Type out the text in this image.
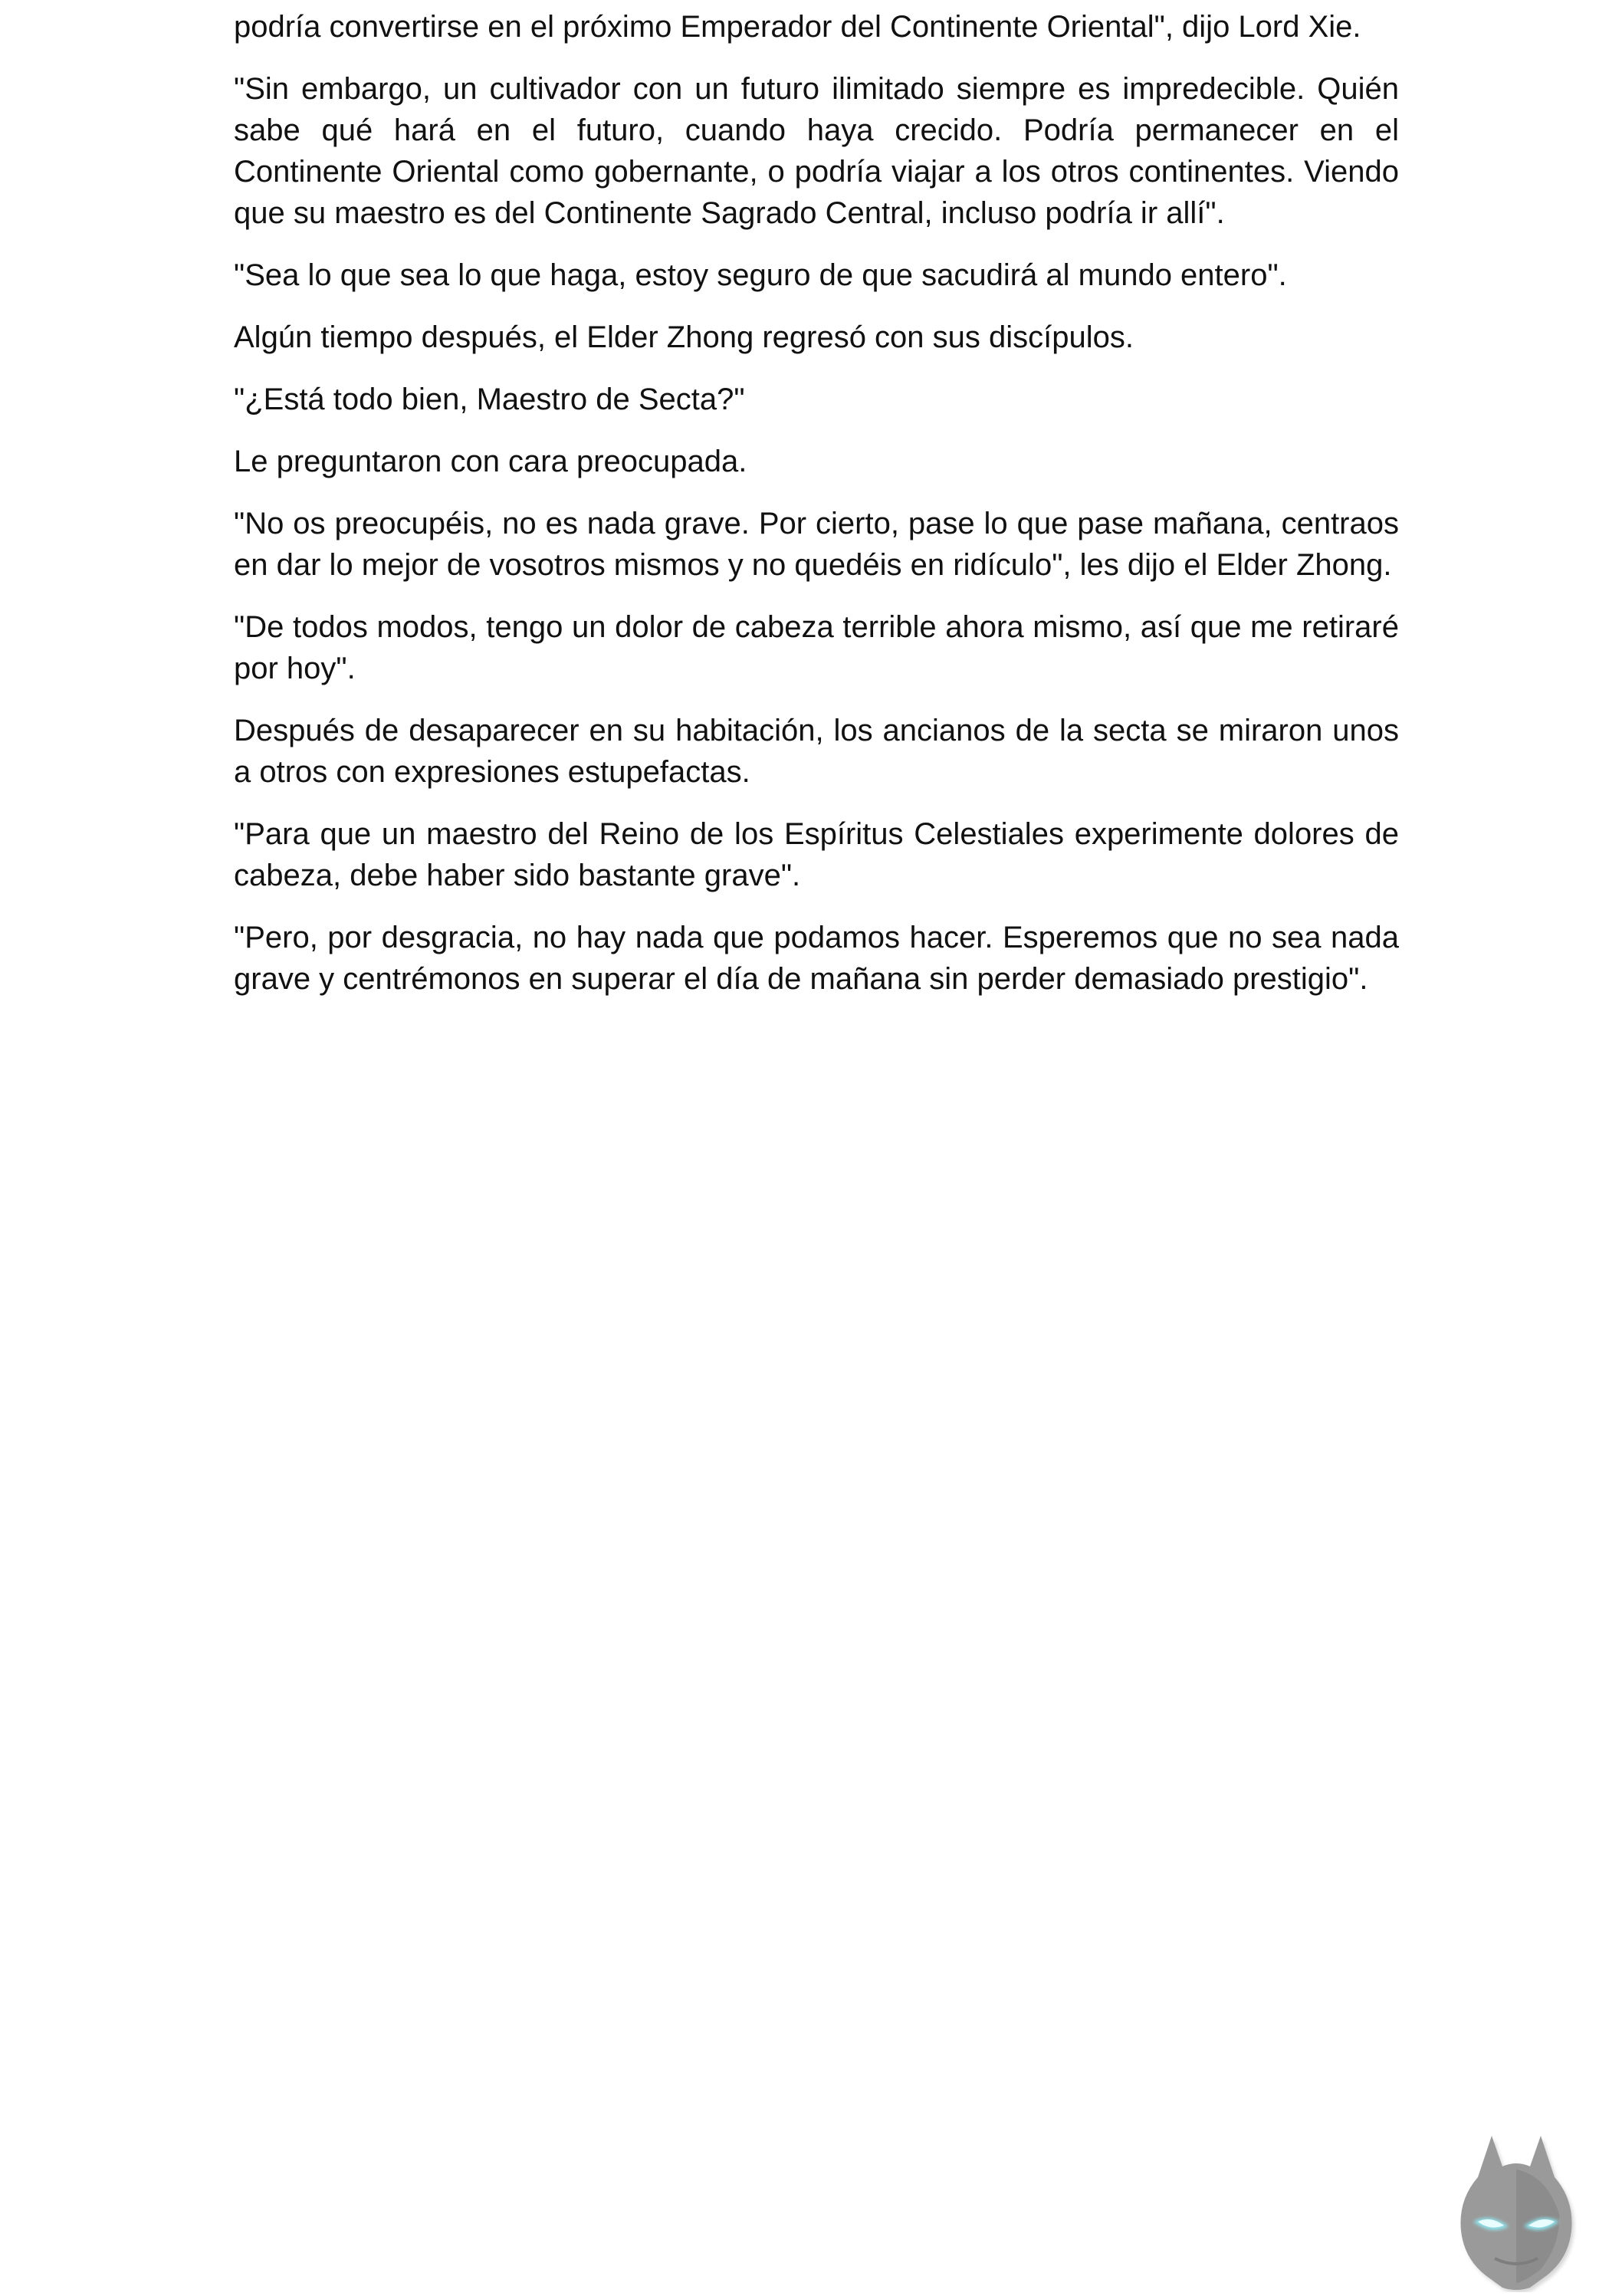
podría convertirse en el próximo Emperador del Continente Oriental", dijo Lord Xie.

"Sin embargo, un cultivador con un futuro ilimitado siempre es impredecible. Quién sabe qué hará en el futuro, cuando haya crecido. Podría permanecer en el Continente Oriental como gobernante, o podría viajar a los otros continentes. Viendo que su maestro es del Continente Sagrado Central, incluso podría ir allí".

"Sea lo que sea lo que haga, estoy seguro de que sacudirá al mundo entero".

Algún tiempo después, el Elder Zhong regresó con sus discípulos.

"¿Está todo bien, Maestro de Secta?"

Le preguntaron con cara preocupada.

"No os preocupéis, no es nada grave. Por cierto, pase lo que pase mañana, centraos en dar lo mejor de vosotros mismos y no quedéis en ridículo", les dijo el Elder Zhong.

"De todos modos, tengo un dolor de cabeza terrible ahora mismo, así que me retiraré por hoy".

Después de desaparecer en su habitación, los ancianos de la secta se miraron unos a otros con expresiones estupefactas.

"Para que un maestro del Reino de los Espíritus Celestiales experimente dolores de cabeza, debe haber sido bastante grave".

"Pero, por desgracia, no hay nada que podamos hacer. Esperemos que no sea nada grave y centrémonos en superar el día de mañana sin perder demasiado prestigio".
